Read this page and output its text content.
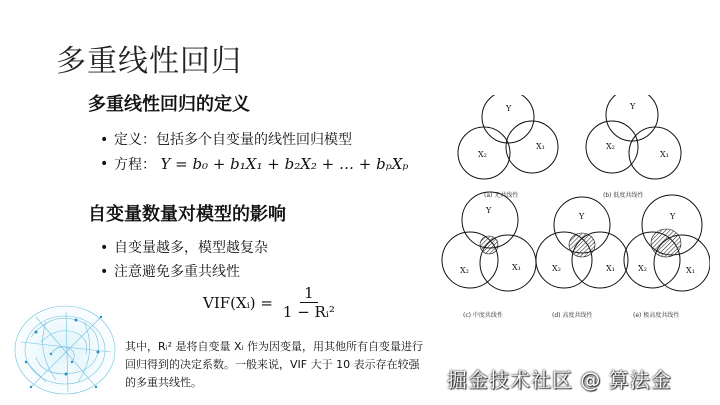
多重线性回归
多重线性回归的定义
• 定义：包括多个自变量的线性回归模型
• 方程： Y = b₀ + b₁X₁ + b₂X₂ + … + bₚXₚ
自变量数量对模型的影响
• 自变量越多，模型越复杂
• 注意避免多重共线性
VIF(Xᵢ) = $\frac{1}{\text{1 − Rᵢ²}}$
其中，Rᵢ² 是将自变量 Xᵢ 作为因变量，用其他所有自变量进行回归得到的决定系数。一般来说，VIF 大于 10 表示存在较强的多重共线性。
Y
X₂
X₁
Y
X₂
X₁
Y
X₂	X₁
Y
X₂	X₁
Y
X₂	X₁
(a) 无共线性	(b) 低度共线性
(c) 中度共线性	(d) 高度共线性	(e) 极高度共线性
掘金技术社区 @ 算法金
